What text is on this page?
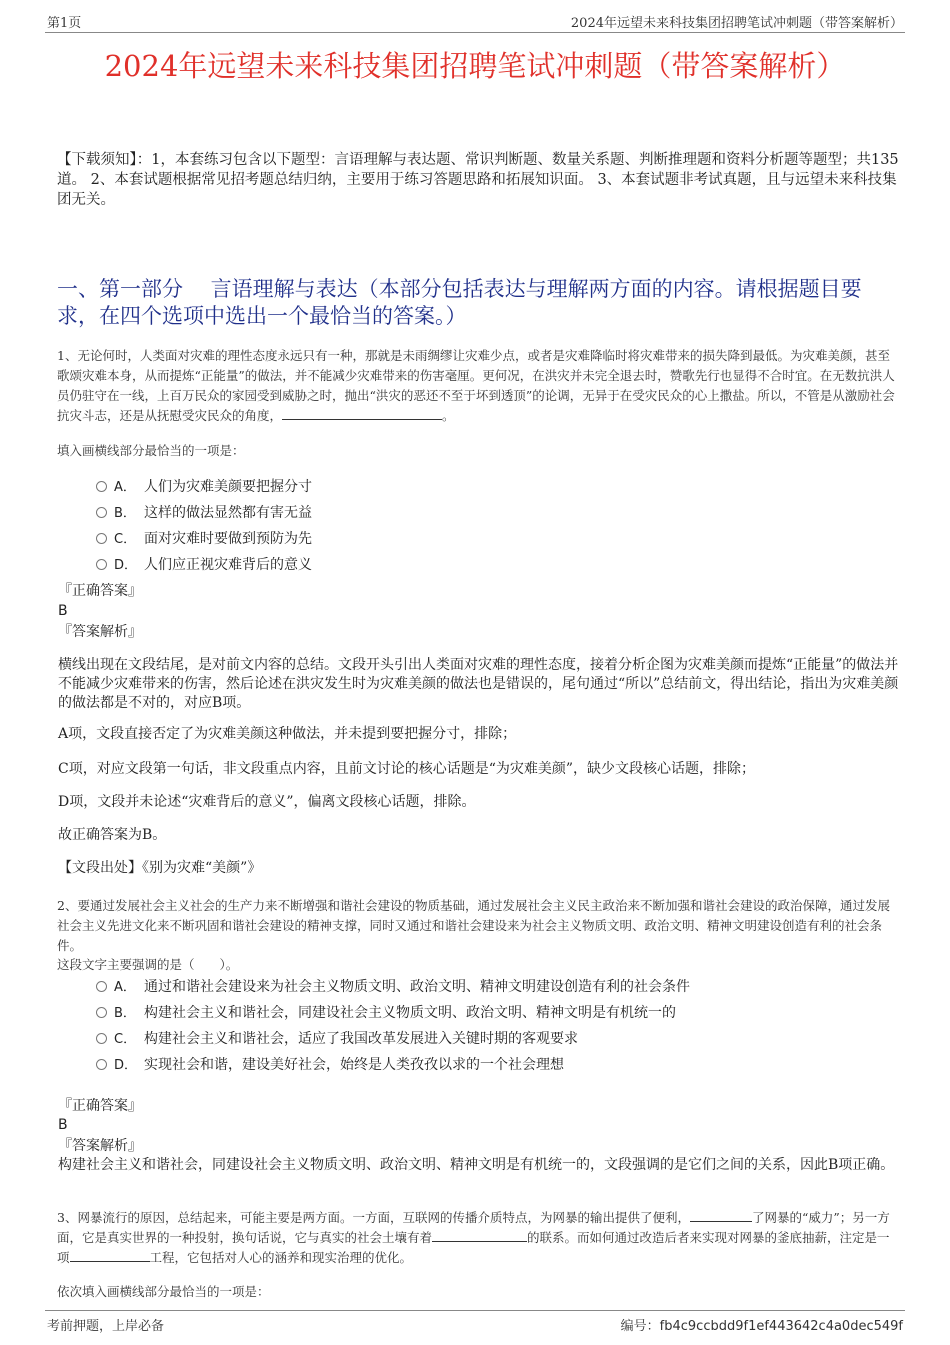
第1页	2024年远望未来科技集团招聘笔试冲刺题（带答案解析）
2024年远望未来科技集团招聘笔试冲刺题（带答案解析）
【下载须知】：1，本套练习包含以下题型：言语理解与表达题、常识判断题、数量关系题、判断推理题和资料分析题等题型；共135道。 2、本套试题根据常见招考题总结归纳，主要用于练习答题思路和拓展知识面。 3、本套试题非考试真题，且与远望未来科技集团无关。
一、第一部分　 言语理解与表达（本部分包括表达与理解两方面的内容。请根据题目要求，在四个选项中选出一个最恰当的答案。）
1、无论何时，人类面对灾难的理性态度永远只有一种，那就是未雨绸缪让灾难少点，或者是灾难降临时将灾难带来的损失降到最低。为灾难美颜，甚至歌颂灾难本身，从而提炼“正能量”的做法，并不能减少灾难带来的伤害毫厘。更何况，在洪灾并未完全退去时，赞歌先行也显得不合时宜。在无数抗洪人员仍驻守在一线，上百万民众的家园受到威胁之时，抛出“洪灾的恶还不至于坏到透顶”的论调，无异于在受灾民众的心上撒盐。所以，不管是从激励社会抗灾斗志，还是从抚慰受灾民众的角度，	。
填入画横线部分最恰当的一项是：
A． 人们为灾难美颜要把握分寸
B． 这样的做法显然都有害无益
C． 面对灾难时要做到预防为先
D． 人们应正视灾难背后的意义
『正确答案』
B
『答案解析』
横线出现在文段结尾，是对前文内容的总结。文段开头引出人类面对灾难的理性态度，接着分析企图为灾难美颜而提炼“正能量”的做法并不能减少灾难带来的伤害，然后论述在洪灾发生时为灾难美颜的做法也是错误的，尾句通过“所以”总结前文，得出结论，指出为灾难美颜的做法都是不对的，对应B项。
A项，文段直接否定了为灾难美颜这种做法，并未提到要把握分寸，排除；
C项，对应文段第一句话，非文段重点内容，且前文讨论的核心话题是“为灾难美颜”，缺少文段核心话题，排除；
D项，文段并未论述“灾难背后的意义”，偏离文段核心话题，排除。
故正确答案为B。
【文段出处】《别为灾难“美颜”》
2、要通过发展社会主义社会的生产力来不断增强和谐社会建设的物质基础，通过发展社会主义民主政治来不断加强和谐社会建设的政治保障，通过发展社会主义先进文化来不断巩固和谐社会建设的精神支撑，同时又通过和谐社会建设来为社会主义物质文明、政治文明、精神文明建设创造有利的社会条件。
这段文字主要强调的是（　　）。
A． 通过和谐社会建设来为社会主义物质文明、政治文明、精神文明建设创造有利的社会条件
B． 构建社会主义和谐社会，同建设社会主义物质文明、政治文明、精神文明是有机统一的
C． 构建社会主义和谐社会，适应了我国改革发展进入关键时期的客观要求
D． 实现社会和谐，建设美好社会，始终是人类孜孜以求的一个社会理想
『正确答案』
B
『答案解析』
构建社会主义和谐社会，同建设社会主义物质文明、政治文明、精神文明是有机统一的，文段强调的是它们之间的关系，因此B项正确。
3、网暴流行的原因，总结起来，可能主要是两方面。一方面，互联网的传播介质特点，为网暴的输出提供了便利，	了网暴的“威力”；另一方面，它是真实世界的一种投射，换句话说，它与真实的社会土壤有着	的联系。而如何通过改造后者来实现对网暴的釜底抽薪，注定是一项	工程，它包括对人心的涵养和现实治理的优化。
依次填入画横线部分最恰当的一项是：
考前押题，上岸必备	编号：fb4c9ccbdd9f1ef443642c4a0dec549f
